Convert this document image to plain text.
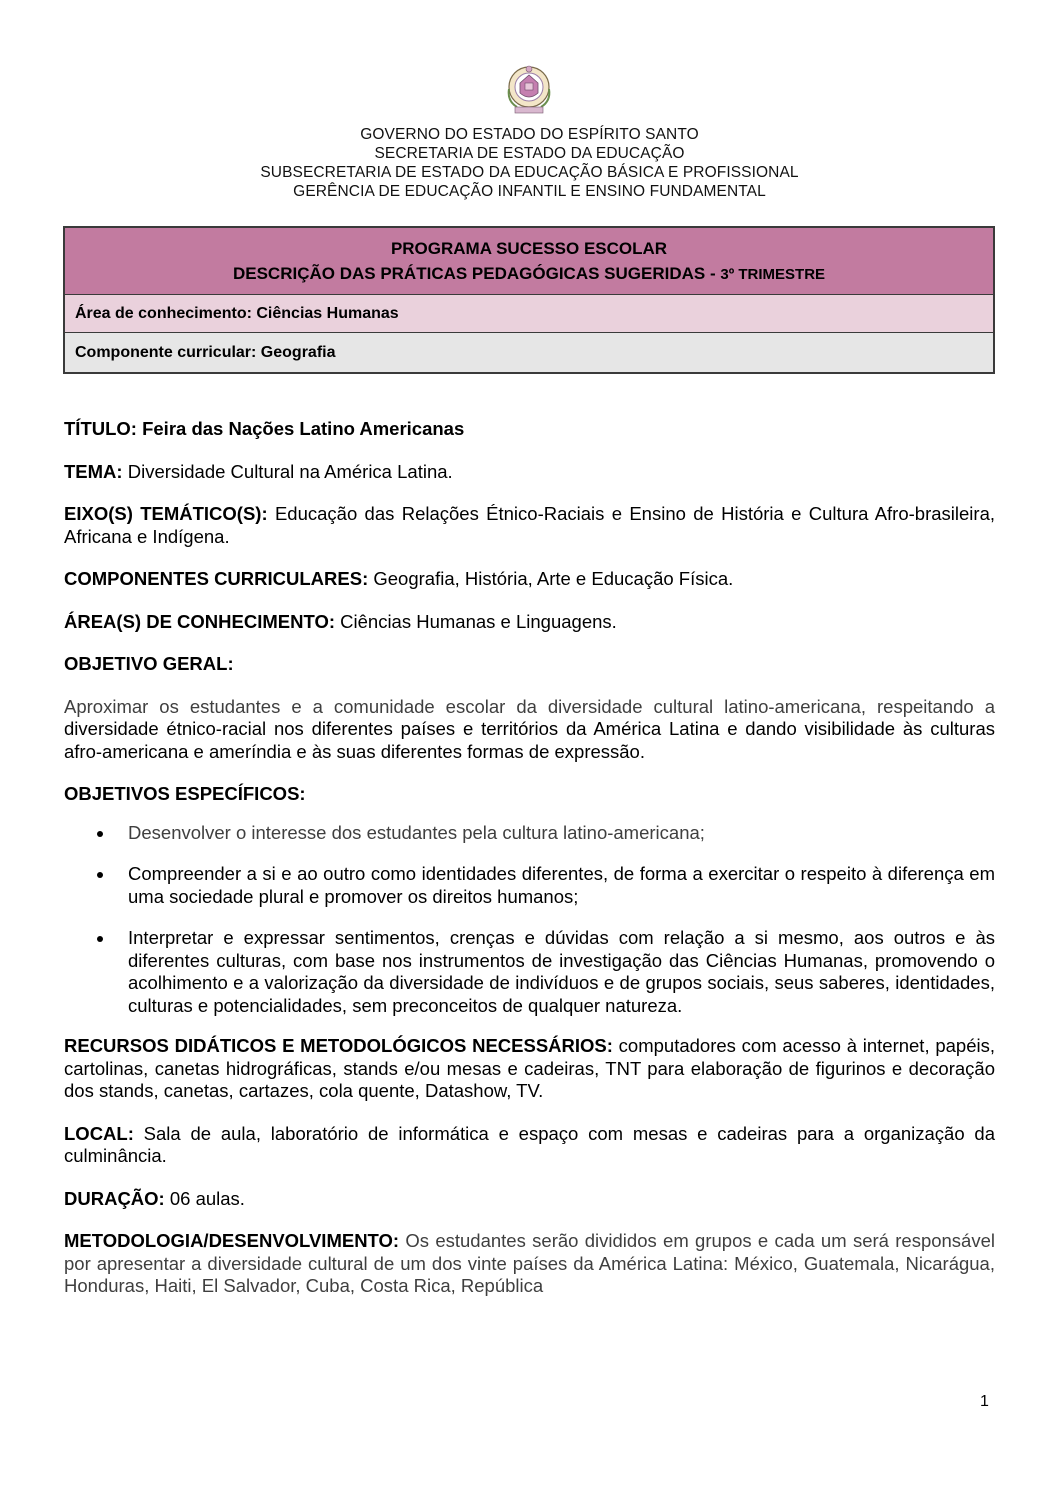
GOVERNO DO ESTADO DO ESPÍRITO SANTO
SECRETARIA DE ESTADO DA EDUCAÇÃO
SUBSECRETARIA DE ESTADO DA EDUCAÇÃO BÁSICA E PROFISSIONAL
GERÊNCIA DE EDUCAÇÃO INFANTIL E ENSINO FUNDAMENTAL
PROGRAMA SUCESSO ESCOLAR
DESCRIÇÃO DAS PRÁTICAS PEDAGÓGICAS SUGERIDAS - 3º TRIMESTRE
Área de conhecimento: Ciências Humanas
Componente curricular: Geografia

TÍTULO: Feira das Nações Latino Americanas

TEMA: Diversidade Cultural na América Latina.

EIXO(S) TEMÁTICO(S): Educação das Relações Étnico-Raciais e Ensino de História e Cultura Afro-brasileira, Africana e Indígena.

COMPONENTES CURRICULARES: Geografia, História, Arte e Educação Física.

ÁREA(S) DE CONHECIMENTO: Ciências Humanas e Linguagens.

OBJETIVO GERAL:

Aproximar os estudantes e a comunidade escolar da diversidade cultural latino-americana, respeitando a diversidade étnico-racial nos diferentes países e territórios da América Latina e dando visibilidade às culturas afro-americana e ameríndia e às suas diferentes formas de expressão.

OBJETIVOS ESPECÍFICOS:

Desenvolver o interesse dos estudantes pela cultura latino-americana;
Compreender a si e ao outro como identidades diferentes, de forma a exercitar o respeito à diferença em uma sociedade plural e promover os direitos humanos;
Interpretar e expressar sentimentos, crenças e dúvidas com relação a si mesmo, aos outros e às diferentes culturas, com base nos instrumentos de investigação das Ciências Humanas, promovendo o acolhimento e a valorização da diversidade de indivíduos e de grupos sociais, seus saberes, identidades, culturas e potencialidades, sem preconceitos de qualquer natureza.

RECURSOS DIDÁTICOS E METODOLÓGICOS NECESSÁRIOS: computadores com acesso à internet, papéis, cartolinas, canetas hidrográficas, stands e/ou mesas e cadeiras, TNT para elaboração de figurinos e decoração dos stands, canetas, cartazes, cola quente, Datashow, TV.

LOCAL: Sala de aula, laboratório de informática e espaço com mesas e cadeiras para a organização da culminância.

DURAÇÃO: 06 aulas.

METODOLOGIA/DESENVOLVIMENTO: Os estudantes serão divididos em grupos e cada um será responsável por apresentar a diversidade cultural de um dos vinte países da América Latina: México, Guatemala, Nicarágua, Honduras, Haiti, El Salvador, Cuba, Costa Rica, República

1
